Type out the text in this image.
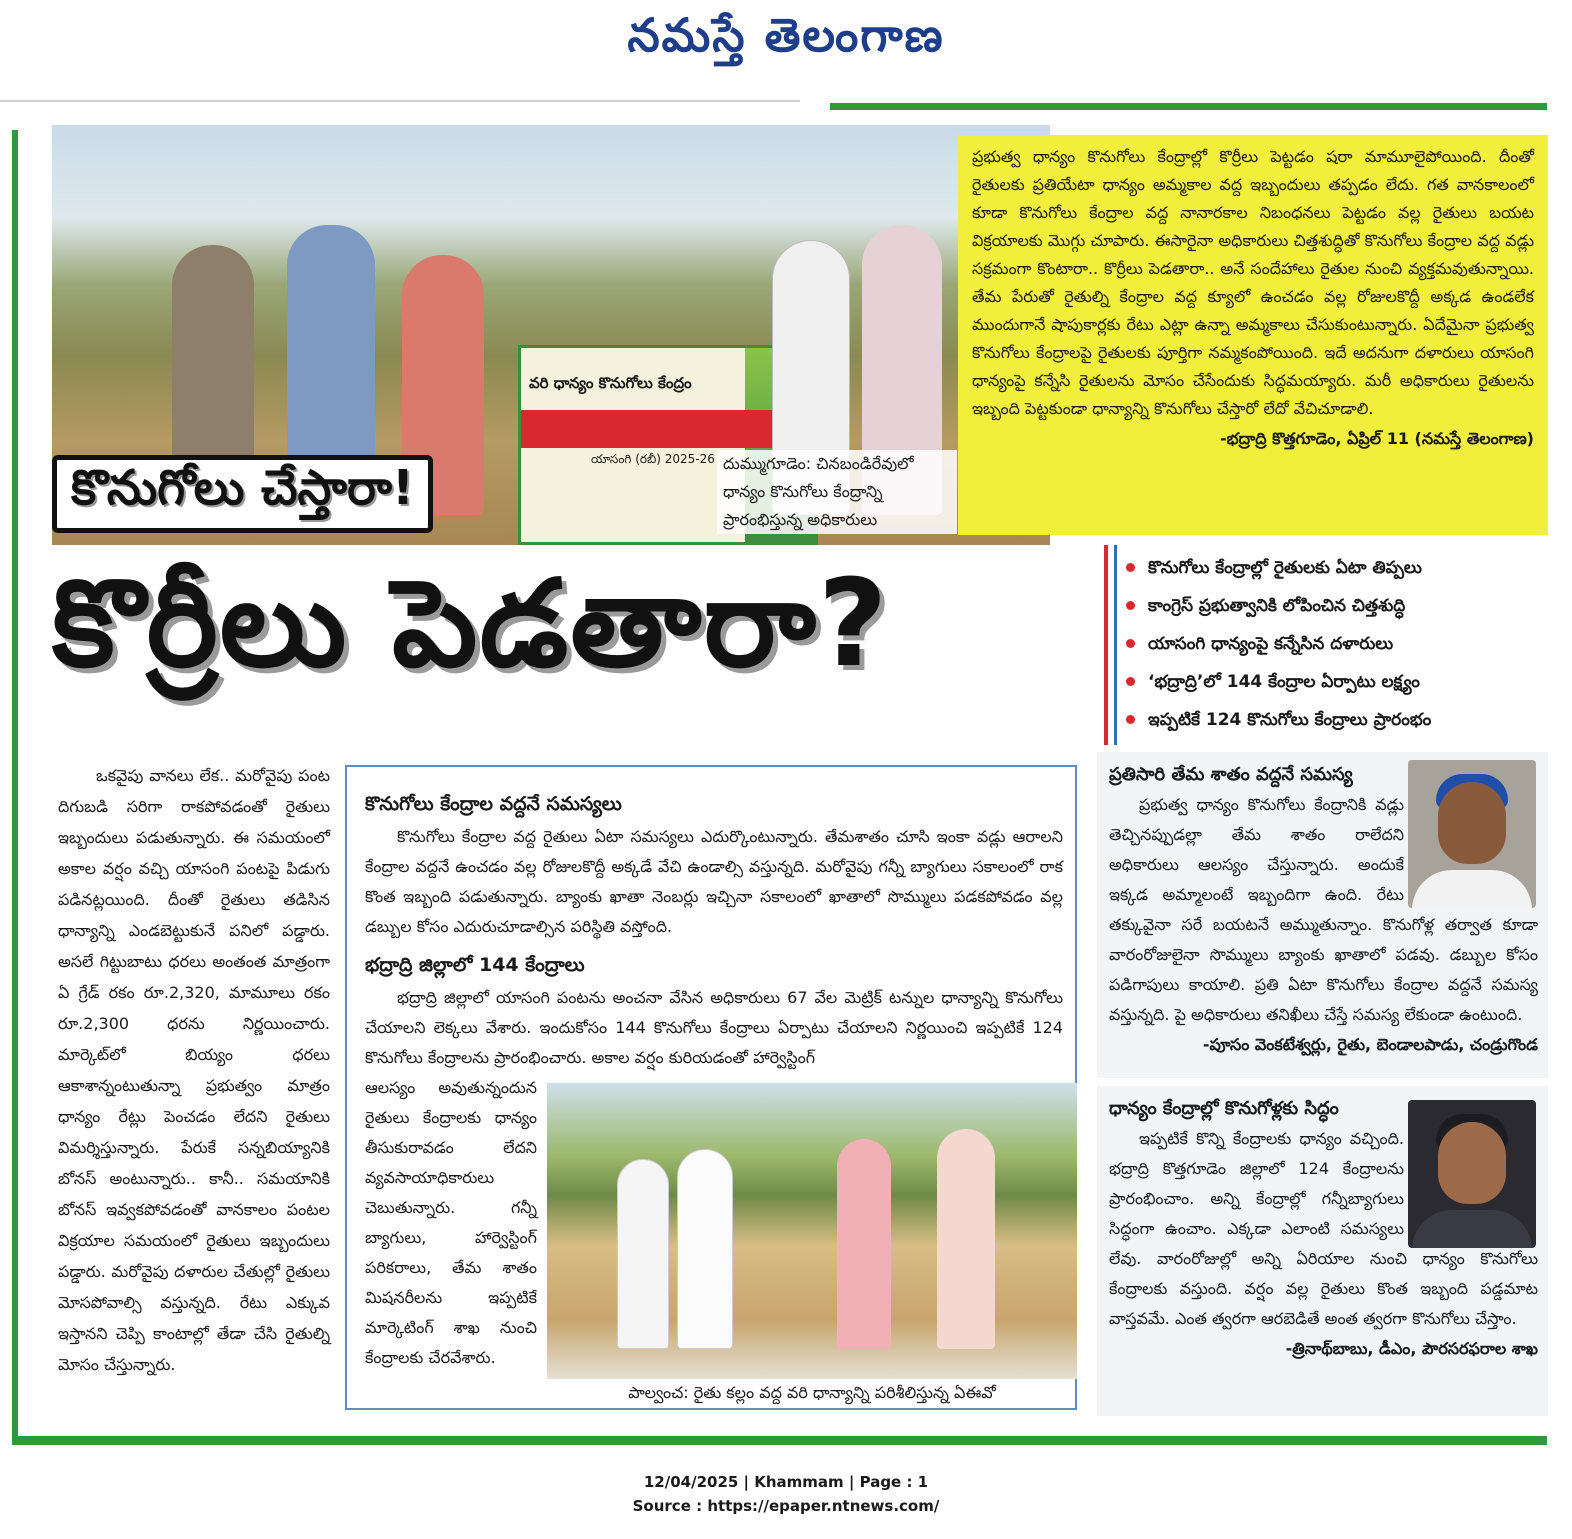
నమస్తే తెలంగాణ
వరి ధాన్యం కొనుగోలు కేంద్రం
యాసంగి (రబీ) 2025-26 దుమ్ముగూడెం: చినబండిరేవులో
ధాన్యం కొనుగోలు కేంద్రాన్ని
ప్రారంభిస్తున్న అధికారులు
కొనుగోలు చేస్తారా!

ప్రభుత్వ ధాన్యం కొనుగోలు కేంద్రాల్లో కొర్రీలు పెట్టడం షరా మామూలైపోయింది. దీంతో రైతులకు ప్రతియేటా ధాన్యం అమ్మకాల వద్ద ఇబ్బందులు తప్పడం లేదు. గత వానకాలంలో కూడా కొనుగోలు కేంద్రాల వద్ద నానారకాల నిబంధనలు పెట్టడం వల్ల రైతులు బయట విక్రయాలకు మొగ్గు చూపారు. ఈసారైనా అధికారులు చిత్తశుద్ధితో కొనుగోలు కేంద్రాల వద్ద వడ్లు సక్రమంగా కొంటారా.. కొర్రీలు పెడతారా.. అనే సందేహాలు రైతుల నుంచి వ్యక్తమవుతున్నాయి. తేమ పేరుతో రైతుల్ని కేంద్రాల వద్ద క్యూలో ఉంచడం వల్ల రోజులకొద్దీ అక్కడ ఉండలేక ముందుగానే షాపుకార్లకు రేటు ఎట్లా ఉన్నా అమ్మకాలు చేసుకుంటున్నారు. ఏదేమైనా ప్రభుత్వ కొనుగోలు కేంద్రాలపై రైతులకు పూర్తిగా నమ్మకంపోయింది. ఇదే అదనుగా దళారులు యాసంగి ధాన్యంపై కన్నేసి రైతులను మోసం చేసేందుకు సిద్ధమయ్యారు. మరీ అధికారులు రైతులను ఇబ్బంది పెట్టకుండా ధాన్యాన్ని కొనుగోలు చేస్తారో లేదో వేచిచూడాలి.

-భద్రాద్రి కొత్తగూడెం, ఏప్రిల్ 11 (నమస్తే తెలంగాణ)
కొర్రీలు పెడతారా?	కొనుగోలు కేంద్రాల్లో రైతులకు ఏటా తిప్పలు
కాంగ్రెస్ ప్రభుత్వానికి లోపించిన చిత్తశుద్ధి
యాసంగి ధాన్యంపై కన్నేసిన దళారులు
‘భద్రాద్రి’లో 144 కేంద్రాల ఏర్పాటు లక్ష్యం
ఇప్పటికే 124 కొనుగోలు కేంద్రాలు ప్రారంభం

ఒకవైపు వానలు లేక.. మరోవైపు పంట దిగుబడి సరిగా రాకపోవడంతో రైతులు ఇబ్బందులు పడుతున్నారు. ఈ సమయంలో అకాల వర్షం వచ్చి యాసంగి పంటపై పిడుగు పడినట్లయింది. దీంతో రైతులు తడిసిన ధాన్యాన్ని ఎండబెట్టుకునే పనిలో పడ్డారు. అసలే గిట్టుబాటు ధరలు అంతంత మాత్రంగా ఏ గ్రేడ్ రకం రూ.2,320, మామూలు రకం రూ.2,300 ధరను నిర్ణయించారు. మార్కెట్‌లో బియ్యం ధరలు ఆకాశాన్నంటుతున్నా ప్రభుత్వం మాత్రం ధాన్యం రేట్లు పెంచడం లేదని రైతులు విమర్శిస్తున్నారు. పేరుకే సన్నబియ్యానికి బోనస్ అంటున్నారు.. కానీ.. సమయానికి బోనస్ ఇవ్వకపోవడంతో వానకాలం పంటల విక్రయాల సమయంలో రైతులు ఇబ్బందులు పడ్డారు. మరోవైపు దళారుల చేతుల్లో రైతులు మోసపోవాల్సి వస్తున్నది. రేటు ఎక్కువ ఇస్తానని చెప్పి కాంటాల్లో తేడా చేసి రైతుల్ని మోసం చేస్తున్నారు.

కొనుగోలు కేంద్రాల వద్దనే సమస్యలు

కొనుగోలు కేంద్రాల వద్ద రైతులు ఏటా సమస్యలు ఎదుర్కొంటున్నారు. తేమశాతం చూసి ఇంకా వడ్లు ఆరాలని కేంద్రాల వద్దనే ఉంచడం వల్ల రోజులకొద్దీ అక్కడే వేచి ఉండాల్సి వస్తున్నది. మరోవైపు గన్నీ బ్యాగులు సకాలంలో రాక కొంత ఇబ్బంది పడుతున్నారు. బ్యాంకు ఖాతా నెంబర్లు ఇచ్చినా సకాలంలో ఖాతాలో సొమ్ములు పడకపోవడం వల్ల డబ్బుల కోసం ఎదురుచూడాల్సిన పరిస్థితి వస్తోంది.

భద్రాద్రి జిల్లాలో 144 కేంద్రాలు

భద్రాద్రి జిల్లాలో యాసంగి పంటను అంచనా వేసిన అధికారులు 67 వేల మెట్రిక్ టన్నుల ధాన్యాన్ని కొనుగోలు చేయాలని లెక్కలు వేశారు. ఇందుకోసం 144 కొనుగోలు కేంద్రాలు ఏర్పాటు చేయాలని నిర్ణయించి ఇప్పటికే 124 కొనుగోలు కేంద్రాలను ప్రారంభించారు. అకాల వర్షం కురియడంతో హార్వెస్టింగ్

ఆలస్యం అవుతున్నందున రైతులు కేంద్రాలకు ధాన్యం తీసుకురావడం లేదని వ్యవసాయాధికారులు చెబుతున్నారు. గన్నీ బ్యాగులు, హార్వెస్టింగ్ పరికరాలు, తేమ శాతం మిషనరీలను ఇప్పటికే మార్కెటింగ్ శాఖ నుంచి కేంద్రాలకు చేరవేశారు.

పాల్వంచ: రైతు కల్లం వద్ద వరి ధాన్యాన్ని పరిశీలిస్తున్న ఏఈవో
ప్రతిసారి తేమ శాతం వద్దనే సమస్య

ప్రభుత్వ ధాన్యం కొనుగోలు కేంద్రానికి వడ్లు తెచ్చినప్పుడల్లా తేమ శాతం రాలేదని అధికారులు ఆలస్యం చేస్తున్నారు. అందుకే ఇక్కడ అమ్మాలంటే ఇబ్బందిగా ఉంది. రేటు తక్కువైనా సరే బయటనే అమ్ముతున్నాం. కొనుగోళ్ల తర్వాత కూడా వారంరోజులైనా సొమ్ములు బ్యాంకు ఖాతాలో పడవు. డబ్బుల కోసం పడిగాపులు కాయాలి. ప్రతి ఏటా కొనుగోలు కేంద్రాల వద్దనే సమస్య వస్తున్నది. పై అధికారులు తనిఖీలు చేస్తే సమస్య లేకుండా ఉంటుంది.

-పూసం వెంకటేశ్వర్లు, రైతు, బెండాలపాడు, చండ్రుగొండ
ధాన్యం కేంద్రాల్లో కొనుగోళ్లకు సిద్ధం

ఇప్పటికే కొన్ని కేంద్రాలకు ధాన్యం వచ్చింది. భద్రాద్రి కొత్తగూడెం జిల్లాలో 124 కేంద్రాలను ప్రారంభించాం. అన్ని కేంద్రాల్లో గన్నీబ్యాగులు సిద్ధంగా ఉంచాం. ఎక్కడా ఎలాంటి సమస్యలు లేవు. వారంరోజుల్లో అన్ని ఏరియాల నుంచి ధాన్యం కొనుగోలు కేంద్రాలకు వస్తుంది. వర్షం వల్ల రైతులు కొంత ఇబ్బంది పడ్డమాట వాస్తవమే. ఎంత త్వరగా ఆరబెడితే అంత త్వరగా కొనుగోలు చేస్తాం.

-త్రినాథ్‌బాబు, డీఎం, పౌరసరఫరాల శాఖ
12/04/2025 | Khammam | Page : 1
Source : https://epaper.ntnews.com/
